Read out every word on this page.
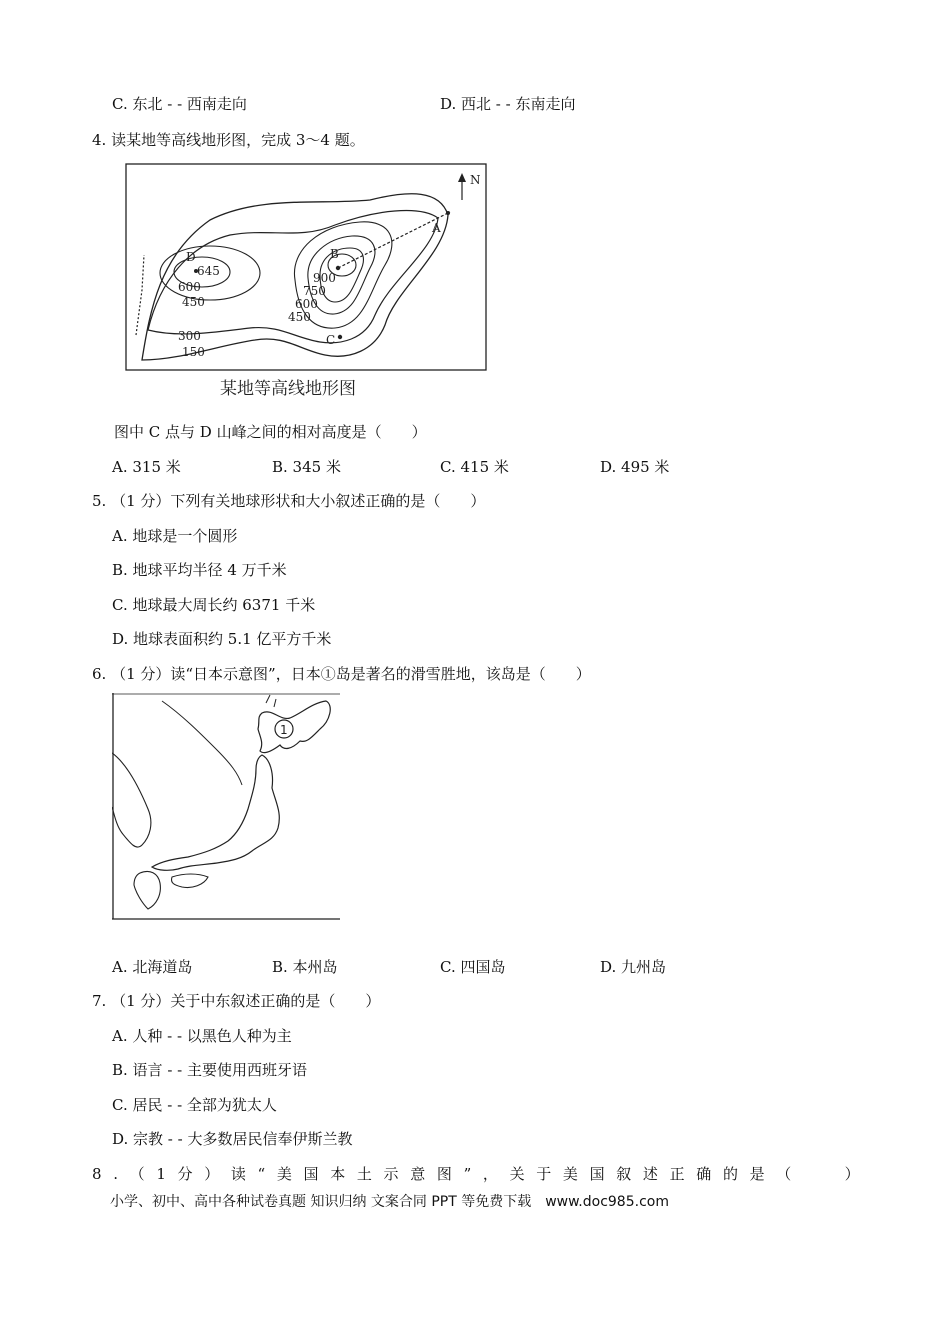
C. 东北 - - 西南走向	D. 西北 - - 东南走向
4. 读某地等高线地形图，完成 3～4 题。
N
A
B
C
D
645
600
450
900
750
600
450
300
150
某地等高线地形图
图中 C 点与 D 山峰之间的相对高度是（　　）
A. 315 米	B. 345 米	C. 415 米	D. 495 米
5. （1 分）下列有关地球形状和大小叙述正确的是（　　）
A. 地球是一个圆形
B. 地球平均半径 4 万千米
C. 地球最大周长约 6371 千米
D. 地球表面积约 5.1 亿平方千米
6. （1 分）读“日本示意图”，日本①岛是著名的滑雪胜地，该岛是（　　）
1
A. 北海道岛	B. 本州岛	C. 四国岛	D. 九州岛
7. （1 分）关于中东叙述正确的是（　　）
A. 人种 - - 以黑色人种为主
B. 语言 - - 主要使用西班牙语
C. 居民 - - 全部为犹太人
D. 宗教 - - 大多数居民信奉伊斯兰教
8 . （ 1 分 ） 读 “ 美 国 本 土 示 意 图 ” ， 关 于 美 国 叙 述 正 确 的 是 （	）
小学、初中、高中各种试卷真题 知识归纳 文案合同 PPT 等免费下载　www.doc985.com
